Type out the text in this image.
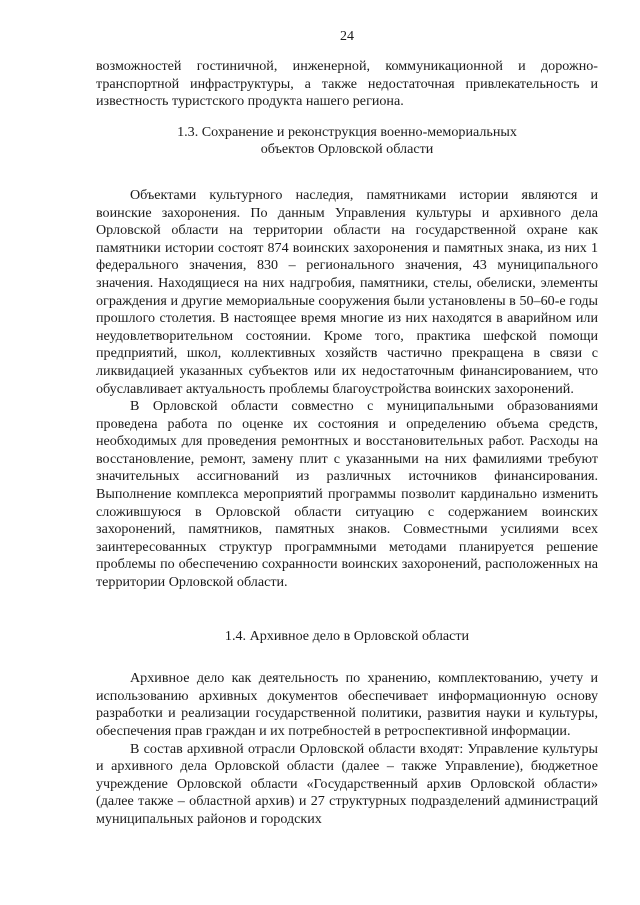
24

возможностей гостиничной, инженерной, коммуникационной и дорожно-транспортной инфраструктуры, а также недостаточная привлекательность и известность туристского продукта нашего региона.

1.3. Сохранение и реконструкция военно-мемориальных

объектов Орловской области

Объектами культурного наследия, памятниками истории являются и воинские захоронения. По данным Управления культуры и архивного дела Орловской области на территории области на государственной охране как памятники истории состоят 874 воинских захоронения и памятных знака, из них 1 федерального значения, 830 – регионального значения, 43 муниципального значения. Находящиеся на них надгробия, памятники, стелы, обелиски, элементы ограждения и другие мемориальные сооружения были установлены в 50–60-е годы прошлого столетия. В настоящее время многие из них находятся в аварийном или неудовлетворительном состоянии. Кроме того, практика шефской помощи предприятий, школ, коллективных хозяйств частично прекращена в связи с ликвидацией указанных субъектов или их недостаточным финансированием, что обуславливает актуальность проблемы благоустройства воинских захоронений.

В Орловской области совместно с муниципальными образованиями проведена работа по оценке их состояния и определению объема средств, необходимых для проведения ремонтных и восстановительных работ. Расходы на восстановление, ремонт, замену плит с указанными на них фамилиями требуют значительных ассигнований из различных источников финансирования. Выполнение комплекса мероприятий программы позволит кардинально изменить сложившуюся в Орловской области ситуацию с содержанием воинских захоронений, памятников, памятных знаков. Совместными усилиями всех заинтересованных структур программными методами планируется решение проблемы по обеспечению сохранности воинских захоронений, расположенных на территории Орловской области.

1.4. Архивное дело в Орловской области

Архивное дело как деятельность по хранению, комплектованию, учету и использованию архивных документов обеспечивает информационную основу разработки и реализации государственной политики, развития науки и культуры, обеспечения прав граждан и их потребностей в ретроспективной информации.

В состав архивной отрасли Орловской области входят: Управление культуры и архивного дела Орловской области (далее – также Управление), бюджетное учреждение Орловской области «Государственный архив Орловской области» (далее также – областной архив) и 27 структурных подразделений администраций муниципальных районов и городских
